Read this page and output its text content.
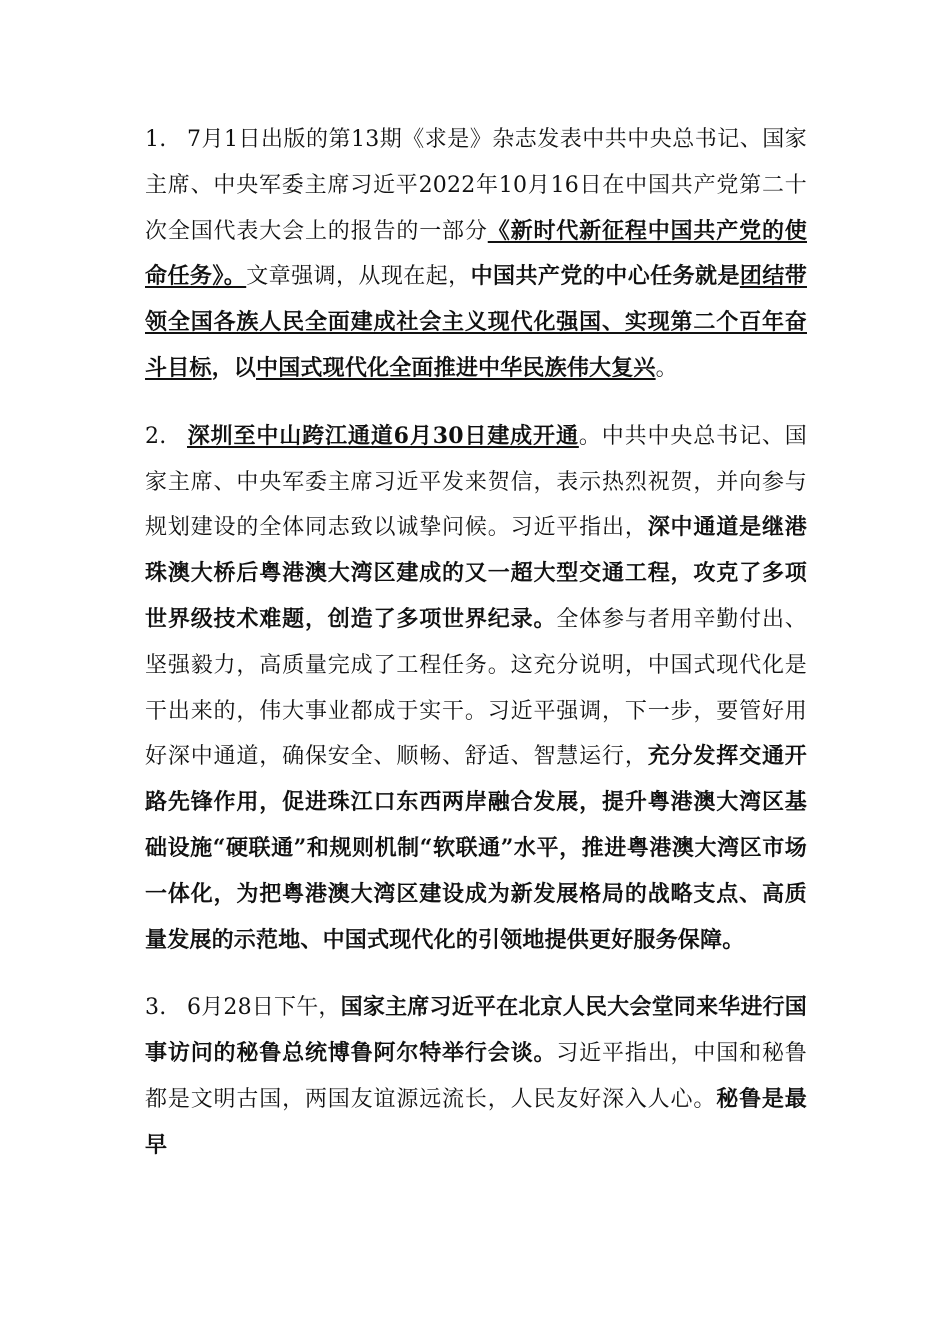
1. 7月1日出版的第13期《求是》杂志发表中共中央总书记、国家主席、中央军委主席习近平2022年10月16日在中国共产党第二十次全国代表大会上的报告的一部分《新时代新征程中国共产党的使命任务》。文章强调，从现在起，中国共产党的中心任务就是团结带领全国各族人民全面建成社会主义现代化强国、实现第二个百年奋斗目标，以中国式现代化全面推进中华民族伟大复兴。

2. 深圳至中山跨江通道6月30日建成开通。中共中央总书记、国家主席、中央军委主席习近平发来贺信，表示热烈祝贺，并向参与规划建设的全体同志致以诚挚问候。习近平指出，深中通道是继港珠澳大桥后粤港澳大湾区建成的又一超大型交通工程，攻克了多项世界级技术难题，创造了多项世界纪录。全体参与者用辛勤付出、坚强毅力，高质量完成了工程任务。这充分说明，中国式现代化是干出来的，伟大事业都成于实干。习近平强调，下一步，要管好用好深中通道，确保安全、顺畅、舒适、智慧运行，充分发挥交通开路先锋作用，促进珠江口东西两岸融合发展，提升粤港澳大湾区基础设施“硬联通”和规则机制“软联通”水平，推进粤港澳大湾区市场一体化，为把粤港澳大湾区建设成为新发展格局的战略支点、高质量发展的示范地、中国式现代化的引领地提供更好服务保障。

3. 6月28日下午，国家主席习近平在北京人民大会堂同来华进行国事访问的秘鲁总统博鲁阿尔特举行会谈。习近平指出，中国和秘鲁都是文明古国，两国友谊源远流长，人民友好深入人心。秘鲁是最早
